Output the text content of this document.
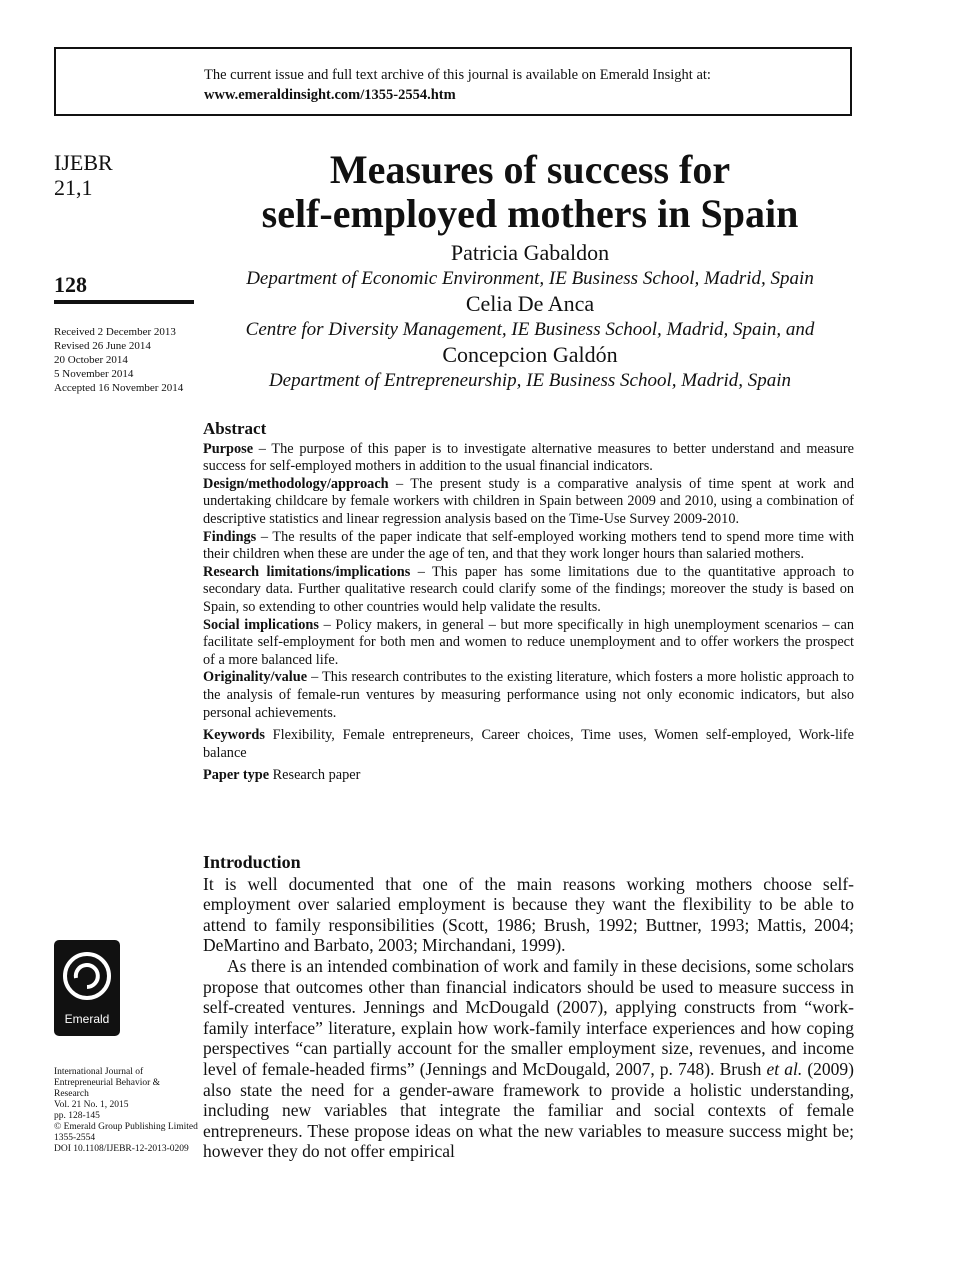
The current issue and full text archive of this journal is available on Emerald Insight at:
www.emeraldinsight.com/1355-2554.htm
IJEBR
21,1
128
Received 2 December 2013
Revised 26 June 2014
20 October 2014
5 November 2014
Accepted 16 November 2014
Measures of success for
self-employed mothers in Spain
Patricia Gabaldon
Department of Economic Environment, IE Business School, Madrid, Spain
Celia De Anca
Centre for Diversity Management, IE Business School, Madrid, Spain, and
Concepcion Galdón
Department of Entrepreneurship, IE Business School, Madrid, Spain
Abstract

Purpose – The purpose of this paper is to investigate alternative measures to better understand and measure success for self-employed mothers in addition to the usual financial indicators.

Design/methodology/approach – The present study is a comparative analysis of time spent at work and undertaking childcare by female workers with children in Spain between 2009 and 2010, using a combination of descriptive statistics and linear regression analysis based on the Time-Use Survey 2009-2010.

Findings – The results of the paper indicate that self-employed working mothers tend to spend more time with their children when these are under the age of ten, and that they work longer hours than salaried mothers.

Research limitations/implications – This paper has some limitations due to the quantitative approach to secondary data. Further qualitative research could clarify some of the findings; moreover the study is based on Spain, so extending to other countries would help validate the results.

Social implications – Policy makers, in general – but more specifically in high unemployment scenarios – can facilitate self-employment for both men and women to reduce unemployment and to offer workers the prospect of a more balanced life.

Originality/value – This research contributes to the existing literature, which fosters a more holistic approach to the analysis of female-run ventures by measuring performance using not only economic indicators, but also personal achievements.

Keywords Flexibility, Female entrepreneurs, Career choices, Time uses, Women self-employed, Work-life balance

Paper type Research paper

Introduction

It is well documented that one of the main reasons working mothers choose self-employment over salaried employment is because they want the flexibility to be able to attend to family responsibilities (Scott, 1986; Brush, 1992; Buttner, 1993; Mattis, 2004; DeMartino and Barbato, 2003; Mirchandani, 1999).

As there is an intended combination of work and family in these decisions, some scholars propose that outcomes other than financial indicators should be used to measure success in self-created ventures. Jennings and McDougald (2007), applying constructs from “work-family interface” literature, explain how work-family interface experiences and how coping perspectives “can partially account for the smaller employment size, revenues, and income level of female-headed firms” (Jennings and McDougald, 2007, p. 748). Brush et al. (2009) also state the need for a gender-aware framework to provide a holistic understanding, including new variables that integrate the familiar and social contexts of female entrepreneurs. These propose ideas on what the new variables to measure success might be; however they do not offer empirical

Emerald
International Journal of
Entrepreneurial Behavior &
Research
Vol. 21 No. 1, 2015
pp. 128-145
© Emerald Group Publishing Limited
1355-2554
DOI 10.1108/IJEBR-12-2013-0209
